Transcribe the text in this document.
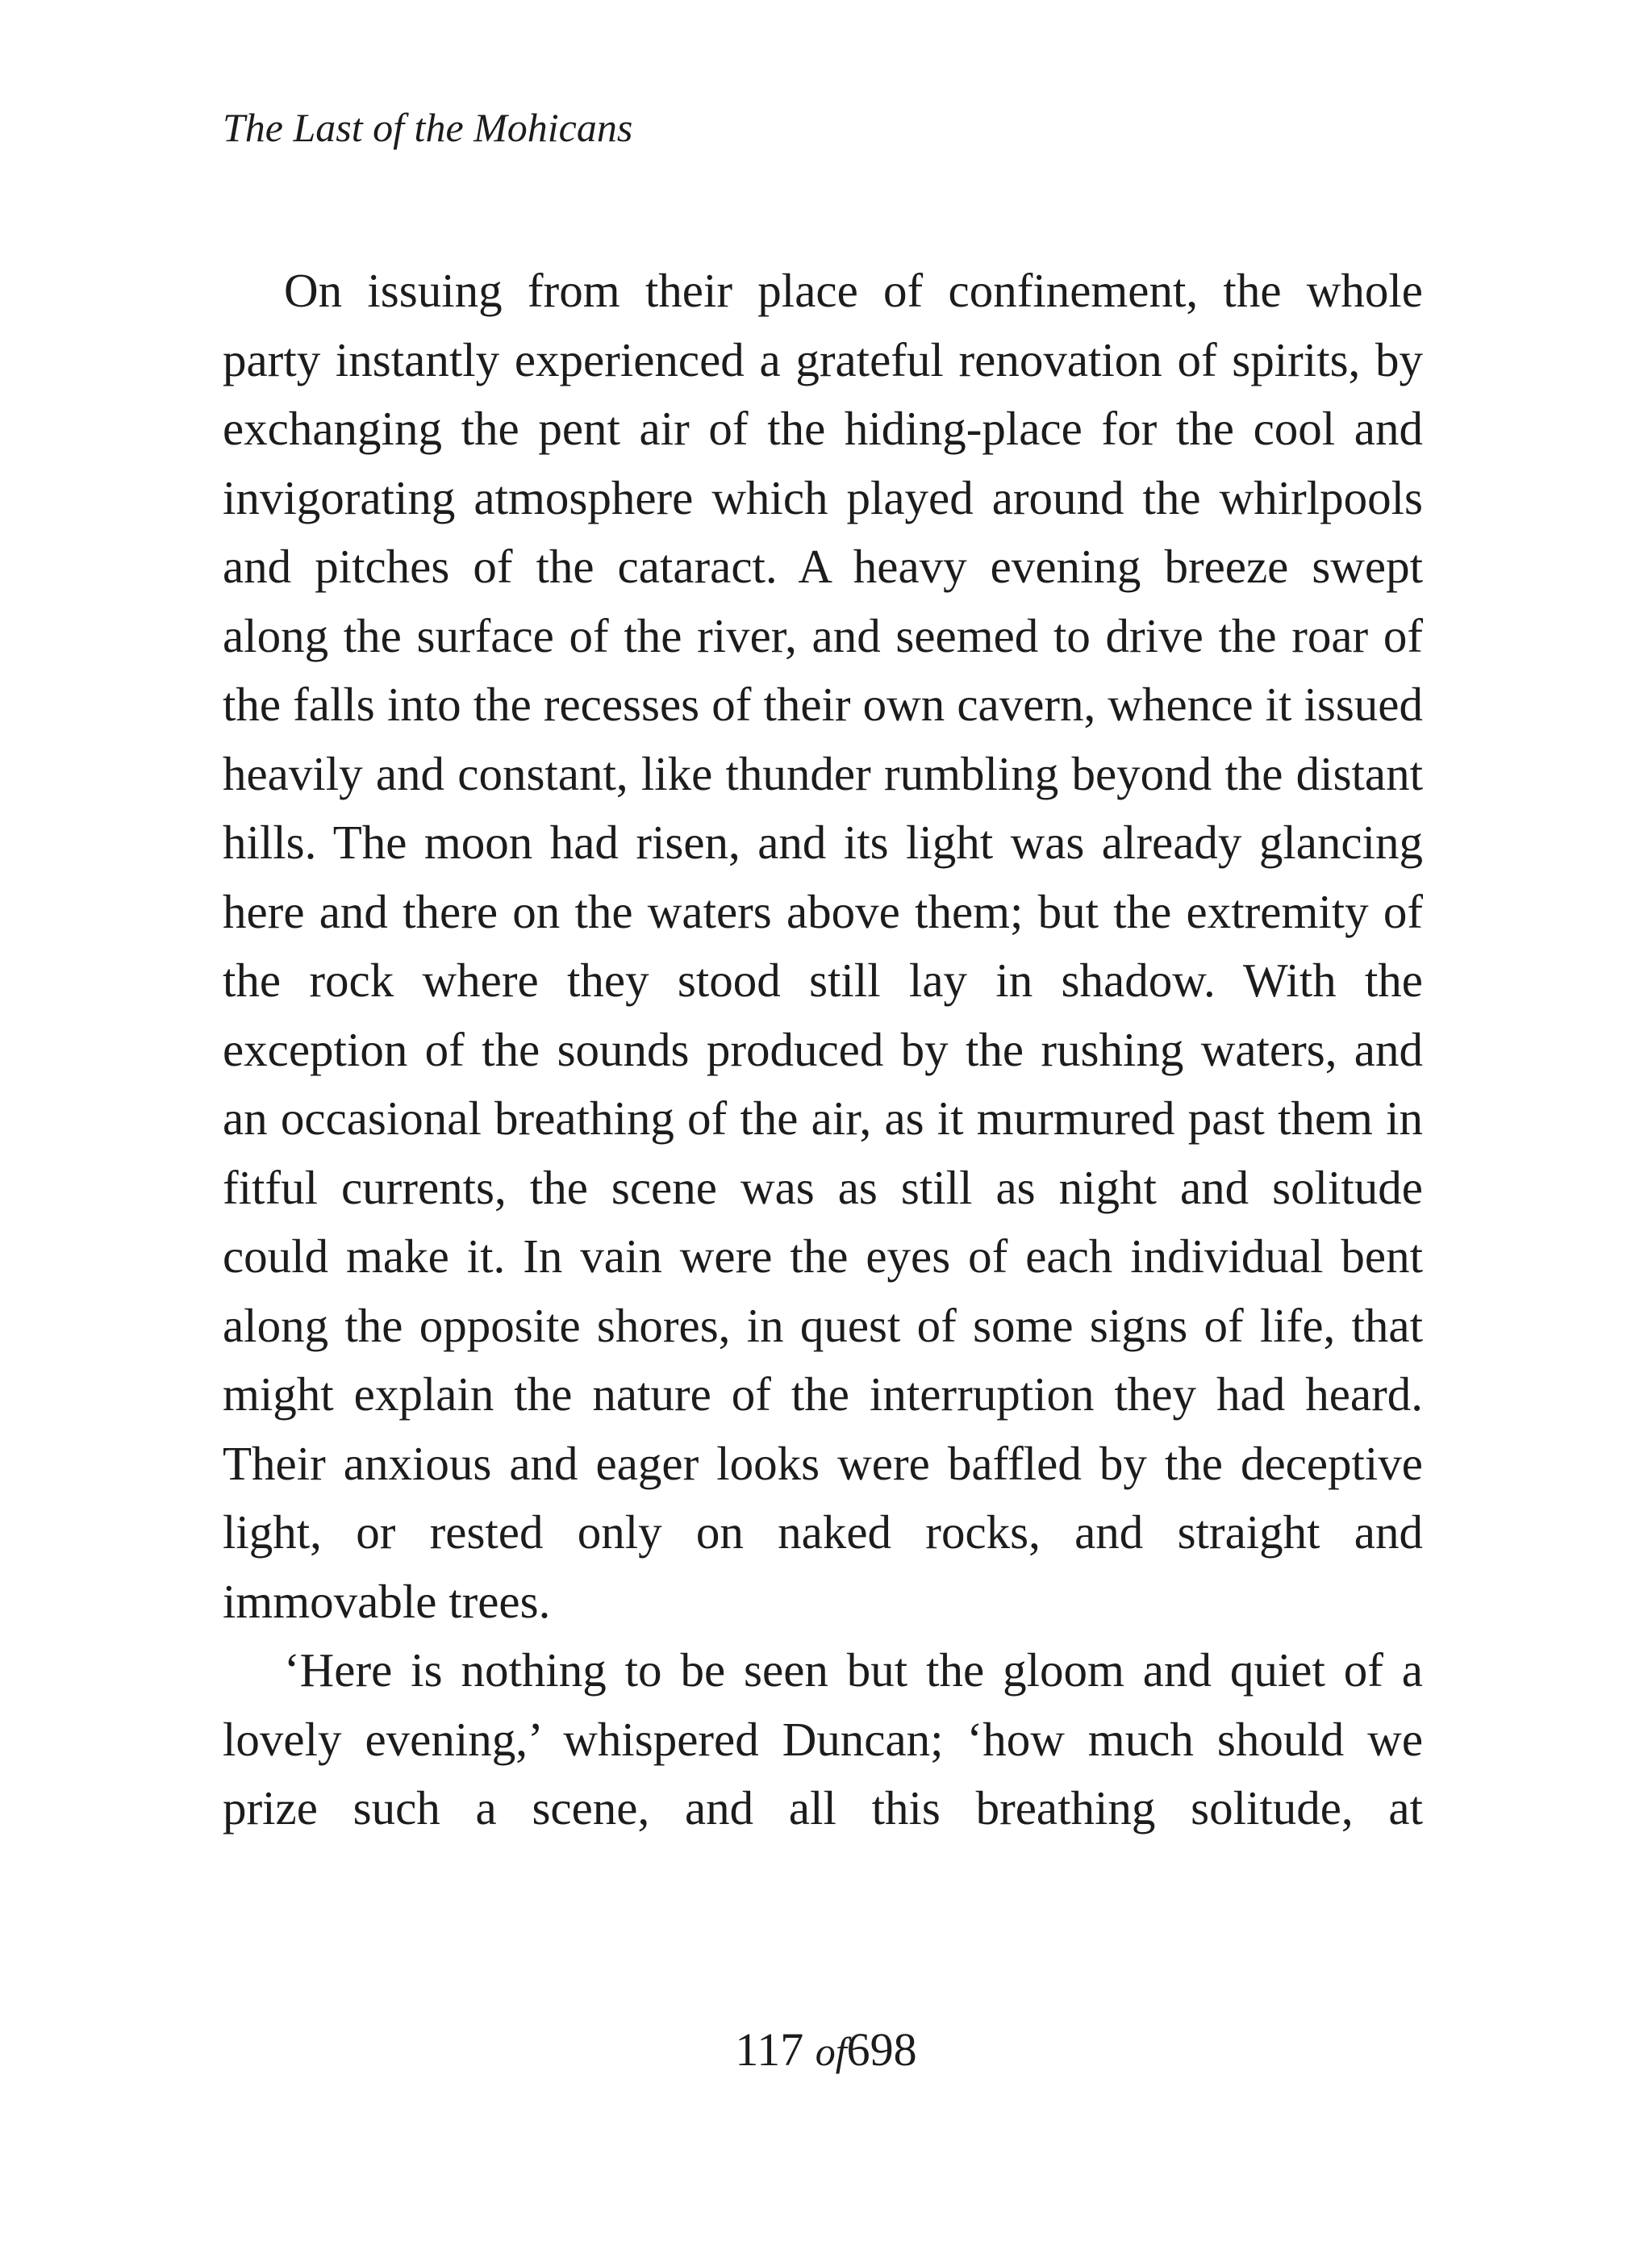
The Last of the Mohicans

On issuing from their place of confinement, the whole party instantly experienced a grateful renovation of spirits, by exchanging the pent air of the hiding-place for the cool and invigorating atmosphere which played around the whirlpools and pitches of the cataract. A heavy evening breeze swept along the surface of the river, and seemed to drive the roar of the falls into the recesses of their own cavern, whence it issued heavily and constant, like thunder rumbling beyond the distant hills. The moon had risen, and its light was already glancing here and there on the waters above them; but the extremity of the rock where they stood still lay in shadow. With the exception of the sounds produced by the rushing waters, and an occasional breathing of the air, as it murmured past them in fitful currents, the scene was as still as night and solitude could make it. In vain were the eyes of each individual bent along the opposite shores, in quest of some signs of life, that might explain the nature of the interruption they had heard. Their anxious and eager looks were baffled by the deceptive light, or rested only on naked rocks, and straight and immovable trees.

‘Here is nothing to be seen but the gloom and quiet of a lovely evening,’ whispered Duncan; ‘how much should we prize such a scene, and all this breathing solitude, at

117 of698
